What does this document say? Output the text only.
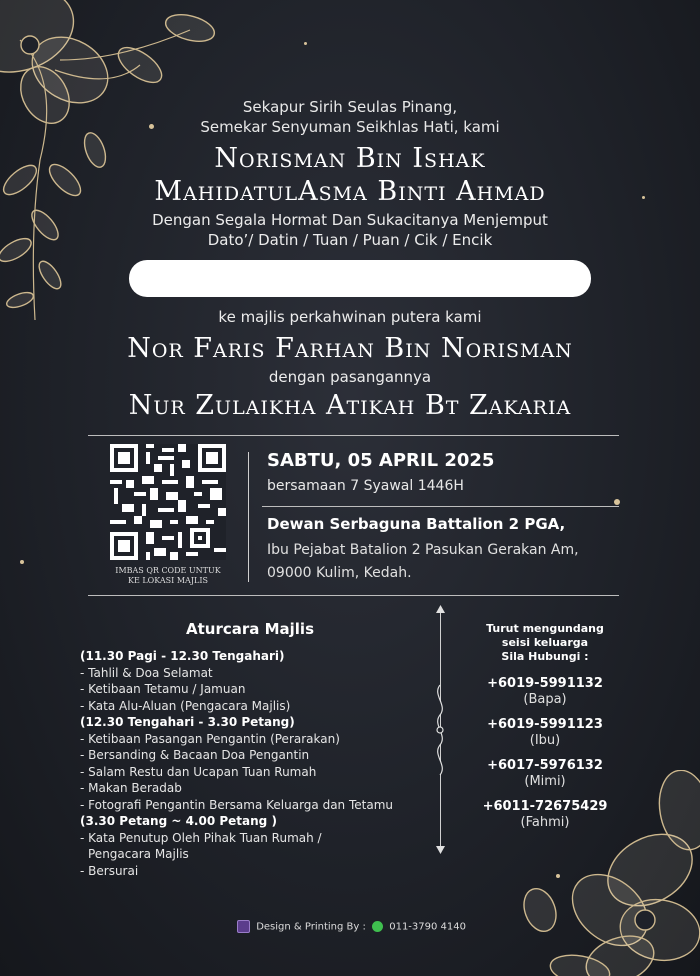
Sekapur Sirih Seulas Pinang,
Semekar Senyuman Seikhlas Hati, kami
Norisman Bin Ishak
MahidatulAsma Binti Ahmad
Dengan Segala Hormat Dan Sukacitanya Menjemput
Dato’/ Datin / Tuan / Puan / Cik / Encik
ke majlis perkahwinan putera kami
Nor Faris Farhan Bin Norisman
dengan pasangannya
Nur Zulaikha Atikah Bt Zakaria
IMBAS QR CODE UNTUK
KE LOKASI MAJLIS
SABTU, 05 APRIL 2025
bersamaan 7 Syawal 1446H
Dewan Serbaguna Battalion 2 PGA,
Ibu Pejabat Batalion 2 Pasukan Gerakan Am,
09000 Kulim, Kedah.
Aturcara Majlis
(11.30 Pagi - 12.30 Tengahari)
- Tahlil & Doa Selamat
- Ketibaan Tetamu / Jamuan
- Kata Alu-Aluan (Pengacara Majlis)
(12.30 Tengahari - 3.30 Petang)
- Ketibaan Pasangan Pengantin (Perarakan)
- Bersanding & Bacaan Doa Pengantin
- Salam Restu dan Ucapan Tuan Rumah
- Makan Beradab
- Fotografi Pengantin Bersama Keluarga dan Tetamu
(3.30 Petang ~ 4.00 Petang )
- Kata Penutup Oleh Pihak Tuan Rumah /
Pengacara Majlis
- Bersurai
Turut mengundang
seisi keluarga
Sila Hubungi :
+6019-5991132
(Bapa)
+6019-5991123
(Ibu)
+6017-5976132
(Mimi)
+6011-72675429
(Fahmi)
Design & Printing By : 011-3790 4140
